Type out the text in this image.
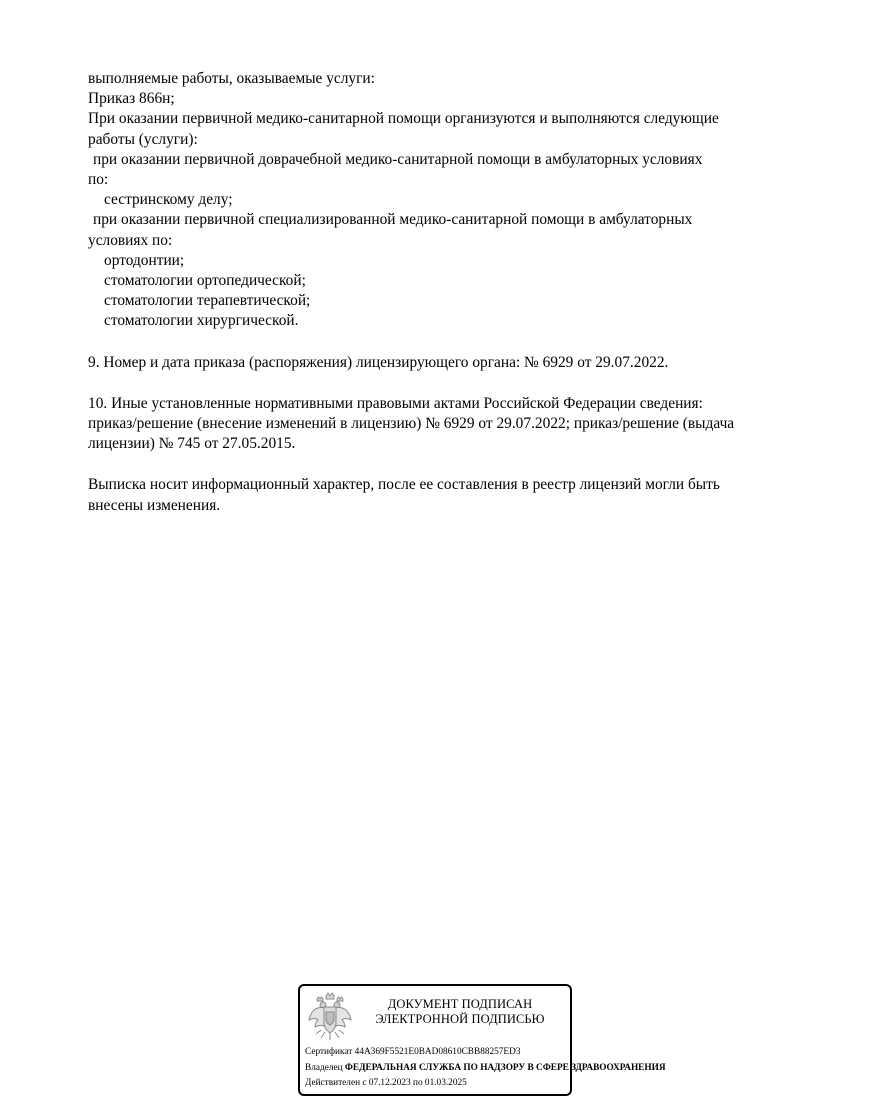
выполняемые работы, оказываемые услуги:
Приказ 866н;
При оказании первичной медико-санитарной помощи организуются и выполняются следующие
работы (услуги):
при оказании первичной доврачебной медико-санитарной помощи в амбулаторных условиях
по:
сестринскому делу;
при оказании первичной специализированной медико-санитарной помощи в амбулаторных
условиях по:
ортодонтии;
стоматологии ортопедической;
стоматологии терапевтической;
стоматологии хирургической.
9. Номер и дата приказа (распоряжения) лицензирующего органа: № 6929 от 29.07.2022.
10. Иные установленные нормативными правовыми актами Российской Федерации сведения:
приказ/решение (внесение изменений в лицензию) № 6929 от 29.07.2022; приказ/решение (выдача
лицензии) № 745 от 27.05.2015.
Выписка носит информационный характер, после ее составления в реестр лицензий могли быть
внесены изменения.
ДОКУМЕНТ ПОДПИСАН
ЭЛЕКТРОННОЙ ПОДПИСЬЮ
Сертификат 44A369F5521E0BAD08610CBB88257ED3
Владелец ФЕДЕРАЛЬНАЯ СЛУЖБА ПО НАДЗОРУ В СФЕРЕ ЗДРАВООХРАНЕНИЯ
Действителен с 07.12.2023 по 01.03.2025
